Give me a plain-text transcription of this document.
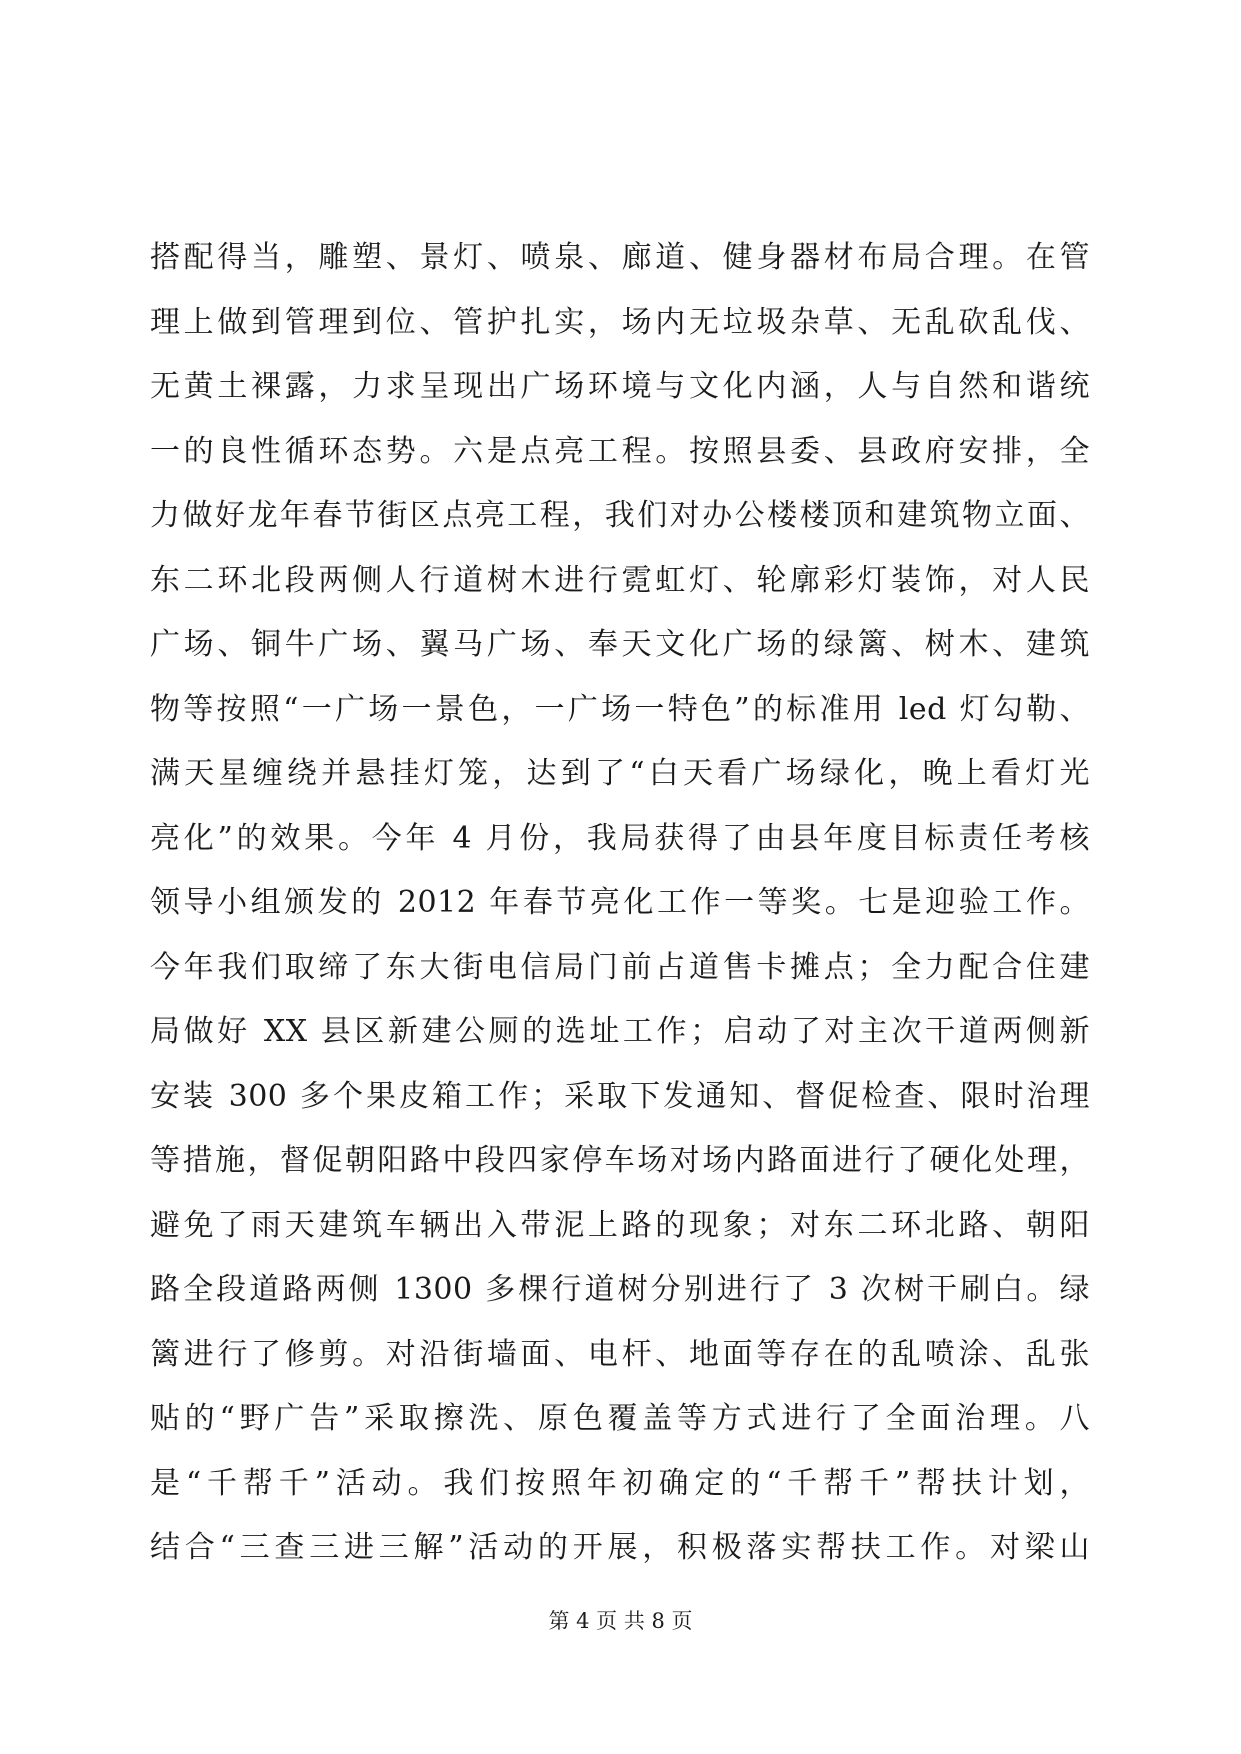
搭配得当，雕塑、景灯、喷泉、廊道、健身器材布局合理。在管
理上做到管理到位、管护扎实，场内无垃圾杂草、无乱砍乱伐、
无黄土裸露，力求呈现出广场环境与文化内涵，人与自然和谐统
一的良性循环态势。六是点亮工程。按照县委、县政府安排，全
力做好龙年春节街区点亮工程，我们对办公楼楼顶和建筑物立面、
东二环北段两侧人行道树木进行霓虹灯、轮廓彩灯装饰，对人民
广场、铜牛广场、翼马广场、奉天文化广场的绿篱、树木、建筑
物等按照“一广场一景色，一广场一特色”的标准用 led 灯勾勒、
满天星缠绕并悬挂灯笼，达到了“白天看广场绿化，晚上看灯光
亮化”的效果。今年 4 月份，我局获得了由县年度目标责任考核
领导小组颁发的 2012 年春节亮化工作一等奖。七是迎验工作。
今年我们取缔了东大街电信局门前占道售卡摊点；全力配合住建
局做好 XX 县区新建公厕的选址工作；启动了对主次干道两侧新
安装 300 多个果皮箱工作；采取下发通知、督促检查、限时治理
等措施，督促朝阳路中段四家停车场对场内路面进行了硬化处理，
避免了雨天建筑车辆出入带泥上路的现象；对东二环北路、朝阳
路全段道路两侧 1300 多棵行道树分别进行了 3 次树干刷白。绿
篱进行了修剪。对沿街墙面、电杆、地面等存在的乱喷涂、乱张
贴的“野广告”采取擦洗、原色覆盖等方式进行了全面治理。八
是“千帮千”活动。我们按照年初确定的“千帮千”帮扶计划，
结合“三查三进三解”活动的开展，积极落实帮扶工作。对梁山
第 4 页 共 8 页
